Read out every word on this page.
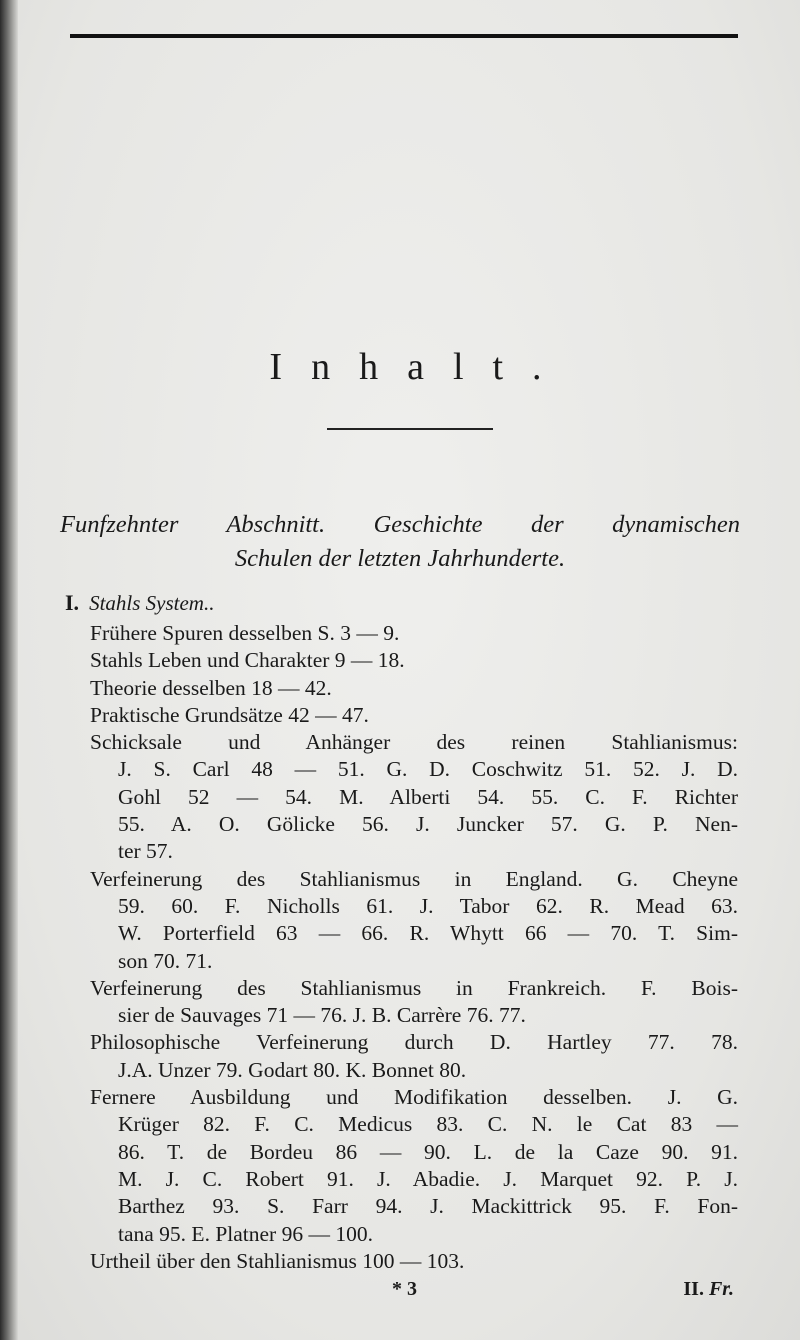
Inhalt.
Funfzehnter Abschnitt. Geschichte der dynamischen
Schulen der letzten Jahrhunderte.
I. Stahls System..
Frühere Spuren desselben S. 3 — 9.
Stahls Leben und Charakter 9 — 18.
Theorie desselben 18 — 42.
Praktische Grundsätze 42 — 47.
Schicksale und Anhänger des reinen Stahlianismus:
J. S. Carl 48 — 51. G. D. Coschwitz 51. 52. J. D.
Gohl 52 — 54. M. Alberti 54. 55. C. F. Richter
55. A. O. Gölicke 56. J. Juncker 57. G. P. Nen-
ter 57.
Verfeinerung des Stahlianismus in England. G. Cheyne
59. 60. F. Nicholls 61. J. Tabor 62. R. Mead 63.
W. Porterfield 63 — 66. R. Whytt 66 — 70. T. Sim-
son 70. 71.
Verfeinerung des Stahlianismus in Frankreich. F. Bois-
sier de Sauvages 71 — 76. J. B. Carrère 76. 77.
Philosophische Verfeinerung durch D. Hartley 77. 78.
J.A. Unzer 79. Godart 80. K. Bonnet 80.
Fernere Ausbildung und Modifikation desselben. J. G.
Krüger 82. F. C. Medicus 83. C. N. le Cat 83 —
86. T. de Bordeu 86 — 90. L. de la Caze 90. 91.
M. J. C. Robert 91. J. Abadie. J. Marquet 92. P. J.
Barthez 93. S. Farr 94. J. Mackittrick 95. F. Fon-
tana 95. E. Platner 96 — 100.
Urtheil über den Stahlianismus 100 — 103.
* 3	II. Fr.
